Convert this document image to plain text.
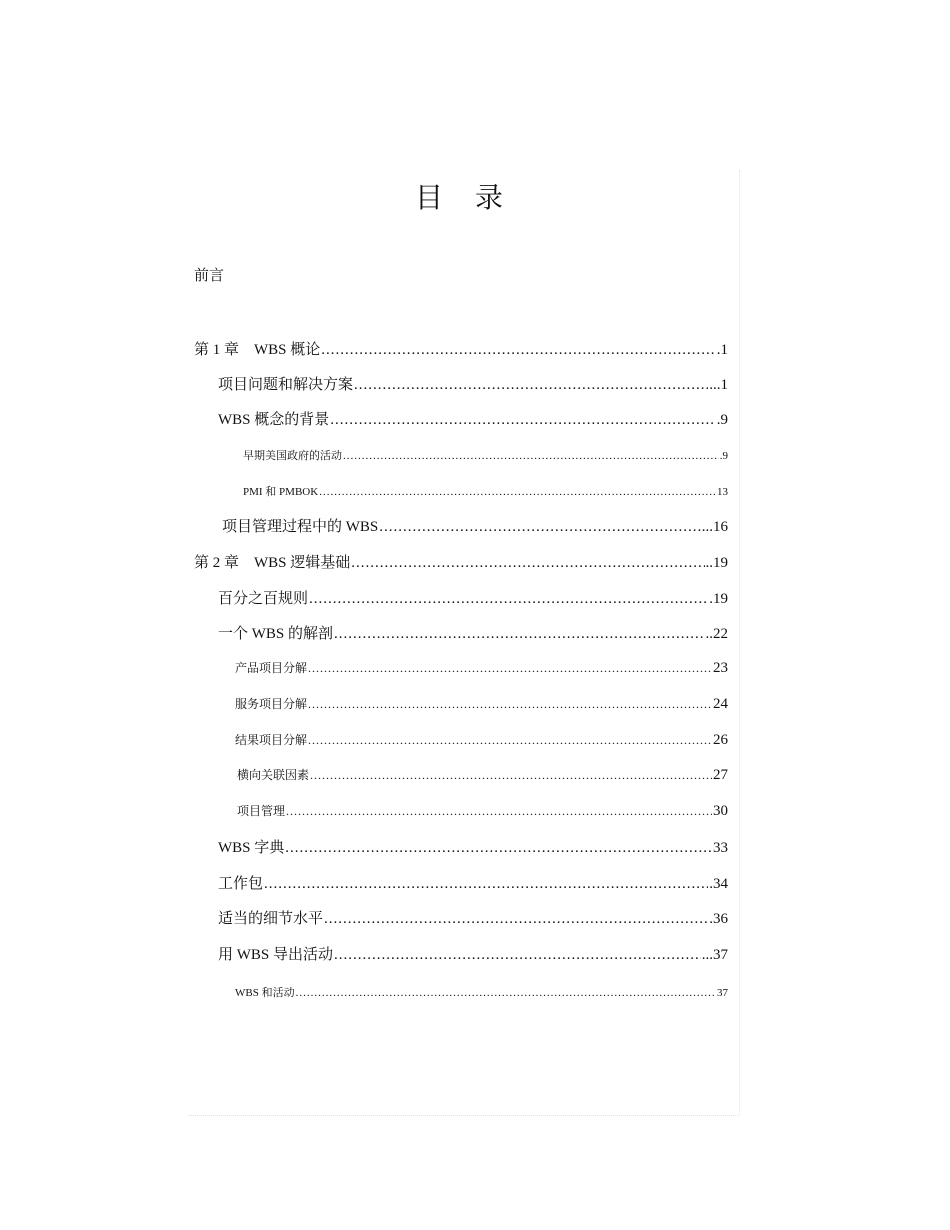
目　录
前言
第 1 章　WBS 概论 .....	.1
项目问题和解决方案 .....	...1
WBS 概念的背景 .....	.9
早期美国政府的活动 .....	.9
PMI 和 PMBOK .....	13
项目管理过程中的 WBS .....	...16
第 2 章　WBS 逻辑基础 .....	..19
百分之百规则 .....	.19
一个 WBS 的解剖 .....	..22
产品项目分解 .....	23
服务项目分解 .....	24
结果项目分解 .....	26
横向关联因素 .....	27
项目管理 .....	30
WBS 字典 .....	33
工作包 .....	.34
适当的细节水平 .....	.36
用 WBS 导出活动 .....	...37
WBS 和活动 .....	37
